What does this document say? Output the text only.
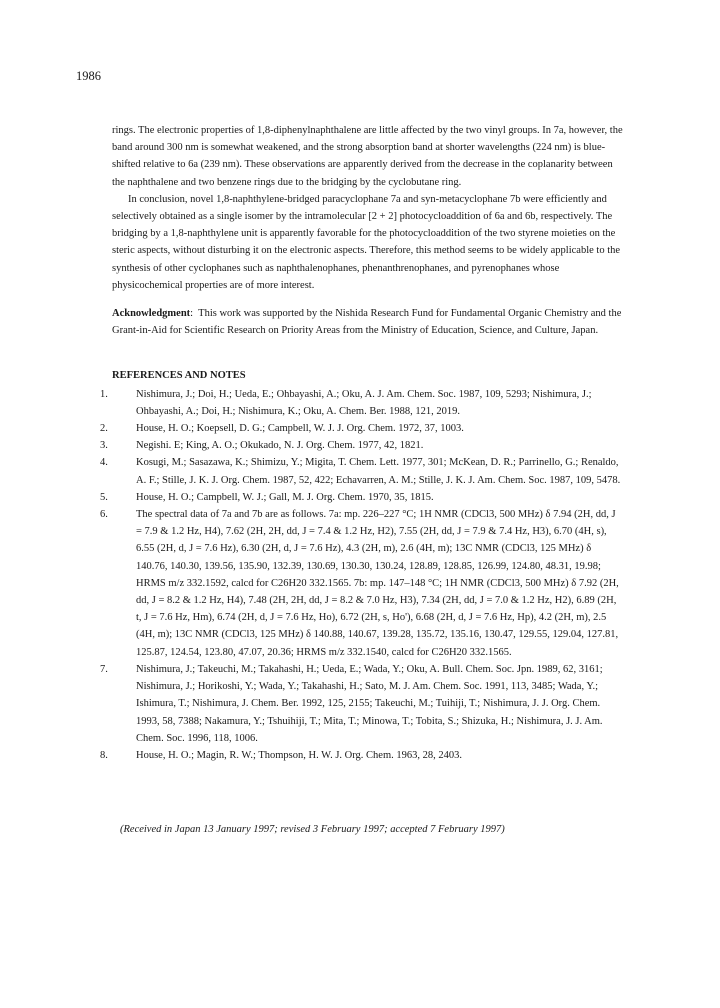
1986

rings. The electronic properties of 1,8-diphenylnaphthalene are little affected by the two vinyl groups. In 7a, however, the band around 300 nm is somewhat weakened, and the strong absorption band at shorter wavelengths (224 nm) is blue-shifted relative to 6a (239 nm). These observations are apparently derived from the decrease in the coplanarity between the naphthalene and two benzene rings due to the bridging by the cyclobutane ring.

In conclusion, novel 1,8-naphthylene-bridged paracyclophane 7a and syn-metacyclophane 7b were efficiently and selectively obtained as a single isomer by the intramolecular [2 + 2] photocycloaddition of 6a and 6b, respectively. The bridging by a 1,8-naphthylene unit is apparently favorable for the photocycloaddition of the two styrene moieties on the steric aspects, without disturbing it on the electronic aspects. Therefore, this method seems to be widely applicable to the synthesis of other cyclophanes such as naphthalenophanes, phenanthrenophanes, and pyrenophanes whose physicochemical properties are of more interest.

Acknowledgment:  This work was supported by the Nishida Research Fund for Fundamental Organic Chemistry and the Grant-in-Aid for Scientific Research on Priority Areas from the Ministry of Education, Science, and Culture, Japan.

REFERENCES AND NOTES
1.	Nishimura, J.; Doi, H.; Ueda, E.; Ohbayashi, A.; Oku, A. J. Am. Chem. Soc. 1987, 109, 5293; Nishimura, J.; Ohbayashi, A.; Doi, H.; Nishimura, K.; Oku, A. Chem. Ber. 1988, 121, 2019.
2.	House, H. O.; Koepsell, D. G.; Campbell, W. J. J. Org. Chem. 1972, 37, 1003.
3.	Negishi. E; King, A. O.; Okukado, N. J. Org. Chem. 1977, 42, 1821.
4.	Kosugi, M.; Sasazawa, K.; Shimizu, Y.; Migita, T. Chem. Lett. 1977, 301; McKean, D. R.; Parrinello, G.; Renaldo, A. F.; Stille, J. K. J. Org. Chem. 1987, 52, 422; Echavarren, A. M.; Stille, J. K. J. Am. Chem. Soc. 1987, 109, 5478.
5.	House, H. O.; Campbell, W. J.; Gall, M. J. Org. Chem. 1970, 35, 1815.
6.	The spectral data of 7a and 7b are as follows. 7a: mp. 226–227 °C; 1H NMR (CDCl3, 500 MHz) δ 7.94 (2H, dd, J = 7.9 & 1.2 Hz, H4), 7.62 (2H, 2H, dd, J = 7.4 & 1.2 Hz, H2), 7.55 (2H, dd, J = 7.9 & 7.4 Hz, H3), 6.70 (4H, s), 6.55 (2H, d, J = 7.6 Hz), 6.30 (2H, d, J = 7.6 Hz), 4.3 (2H, m), 2.6 (4H, m); 13C NMR (CDCl3, 125 MHz) δ 140.76, 140.30, 139.56, 135.90, 132.39, 130.69, 130.30, 130.24, 128.89, 128.85, 126.99, 124.80, 48.31, 19.98; HRMS m/z 332.1592, calcd for C26H20 332.1565. 7b: mp. 147–148 °C; 1H NMR (CDCl3, 500 MHz) δ 7.92 (2H, dd, J = 8.2 & 1.2 Hz, H4), 7.48 (2H, 2H, dd, J = 8.2 & 7.0 Hz, H3), 7.34 (2H, dd, J = 7.0 & 1.2 Hz, H2), 6.89 (2H, t, J = 7.6 Hz, Hm), 6.74 (2H, d, J = 7.6 Hz, Ho), 6.72 (2H, s, Ho'), 6.68 (2H, d, J = 7.6 Hz, Hp), 4.2 (2H, m), 2.5 (4H, m); 13C NMR (CDCl3, 125 MHz) δ 140.88, 140.67, 139.28, 135.72, 135.16, 130.47, 129.55, 129.04, 127.81, 125.87, 124.54, 123.80, 47.07, 20.36; HRMS m/z 332.1540, calcd for C26H20 332.1565.
7.	Nishimura, J.; Takeuchi, M.; Takahashi, H.; Ueda, E.; Wada, Y.; Oku, A. Bull. Chem. Soc. Jpn. 1989, 62, 3161; Nishimura, J.; Horikoshi, Y.; Wada, Y.; Takahashi, H.; Sato, M. J. Am. Chem. Soc. 1991, 113, 3485; Wada, Y.; Ishimura, T.; Nishimura, J. Chem. Ber. 1992, 125, 2155; Takeuchi, M.; Tuihiji, T.; Nishimura, J. J. Org. Chem. 1993, 58, 7388; Nakamura, Y.; Tshuihiji, T.; Mita, T.; Minowa, T.; Tobita, S.; Shizuka, H.; Nishimura, J. J. Am. Chem. Soc. 1996, 118, 1006.
8.	House, H. O.; Magin, R. W.; Thompson, H. W. J. Org. Chem. 1963, 28, 2403.
(Received in Japan 13 January 1997; revised 3 February 1997; accepted 7 February 1997)
